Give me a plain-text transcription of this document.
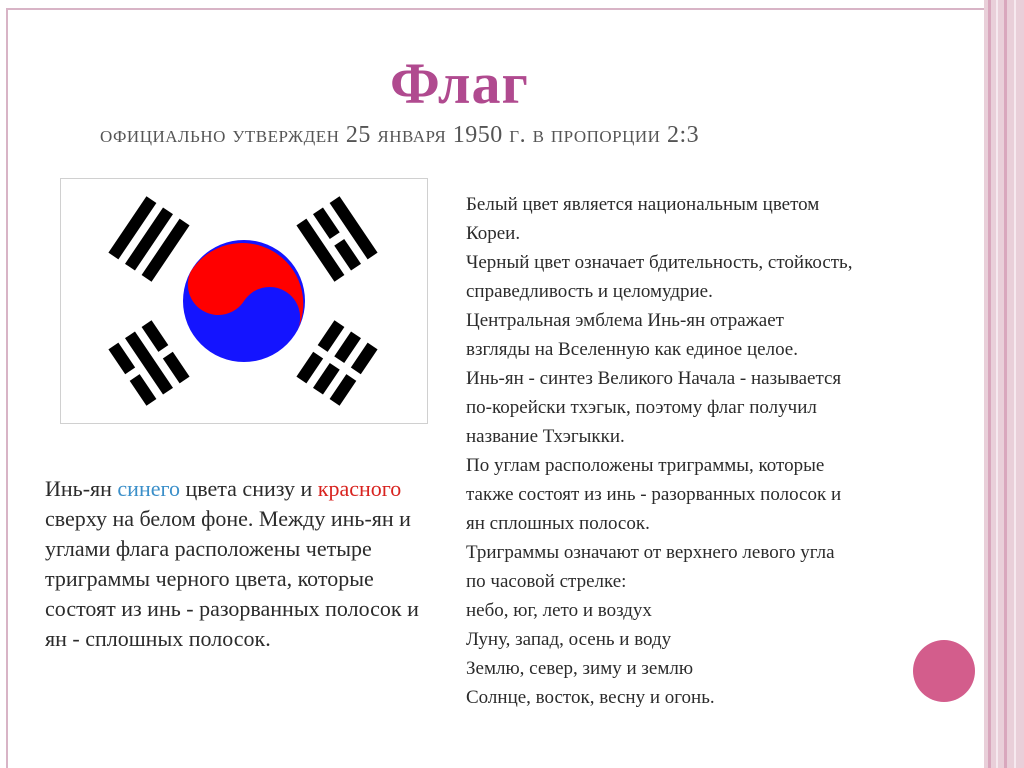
Флаг
официально утвержден 25 января 1950 г. в пропорции 2:3
Инь-ян синего цвета снизу и красного сверху на белом фоне. Между инь-ян и углами флага расположены четыре триграммы черного цвета, которые состоят из инь - разорванных полосок и ян - сплошных полосок.
Белый цвет является национальным цветом
Кореи.
Черный цвет означает бдительность, стойкость,
справедливость и целомудрие.
Центральная эмблема Инь-ян отражает
взгляды на Вселенную как единое целое.
Инь-ян - синтез Великого Начала - называется
по-корейски тхэгык, поэтому флаг получил
название Тхэгыкки.
По углам расположены триграммы, которые
также состоят из инь - разорванных полосок и
ян сплошных полосок.
Триграммы означают от верхнего левого угла
по часовой стрелке:
небо, юг, лето и воздух
Луну, запад, осень и воду
Землю, север, зиму и землю
Солнце, восток, весну и огонь.
